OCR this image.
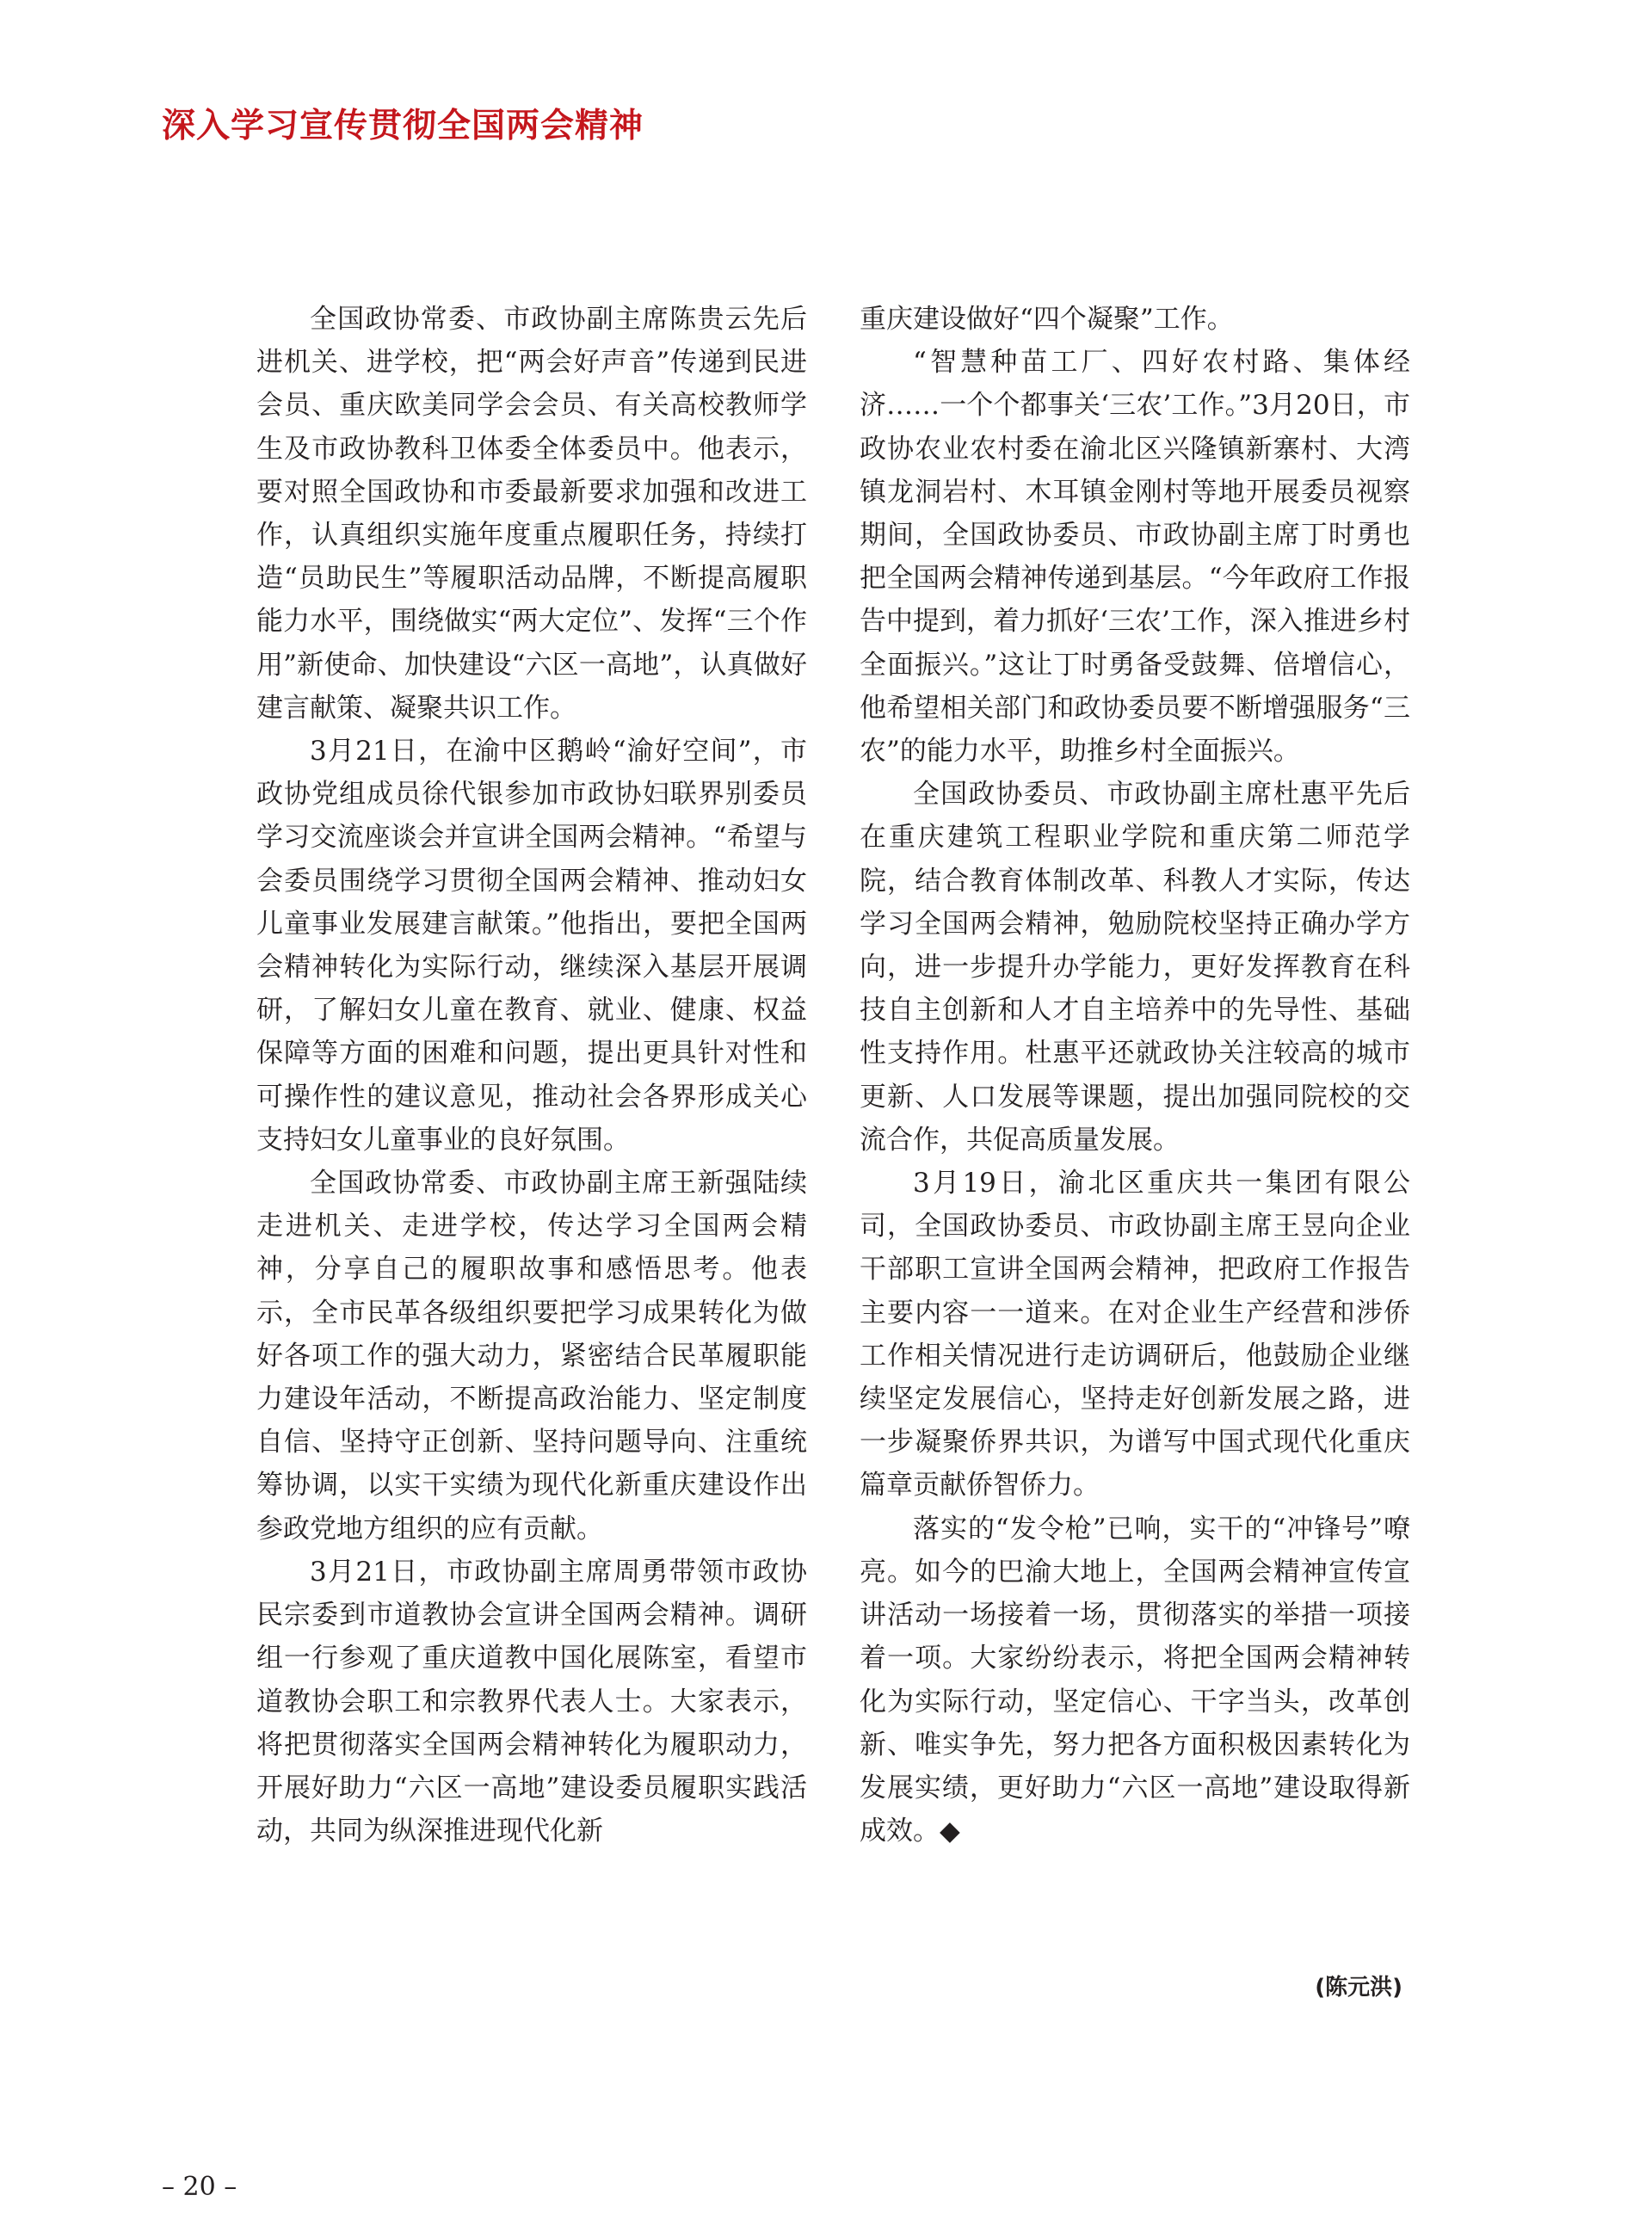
深入学习宣传贯彻全国两会精神

全国政协常委、市政协副主席陈贵云先后进机关、进学校，把“两会好声音”传递到民进会员、重庆欧美同学会会员、有关高校教师学生及市政协教科卫体委全体委员中。他表示，要对照全国政协和市委最新要求加强和改进工作，认真组织实施年度重点履职任务，持续打造“员助民生”等履职活动品牌，不断提高履职能力水平，围绕做实“两大定位”、发挥“三个作用”新使命、加快建设“六区一高地”，认真做好建言献策、凝聚共识工作。

3月21日，在渝中区鹅岭“渝好空间”，市政协党组成员徐代银参加市政协妇联界别委员学习交流座谈会并宣讲全国两会精神。“希望与会委员围绕学习贯彻全国两会精神、推动妇女儿童事业发展建言献策。”他指出，要把全国两会精神转化为实际行动，继续深入基层开展调研，了解妇女儿童在教育、就业、健康、权益保障等方面的困难和问题，提出更具针对性和可操作性的建议意见，推动社会各界形成关心支持妇女儿童事业的良好氛围。

全国政协常委、市政协副主席王新强陆续走进机关、走进学校，传达学习全国两会精神，分享自己的履职故事和感悟思考。他表示，全市民革各级组织要把学习成果转化为做好各项工作的强大动力，紧密结合民革履职能力建设年活动，不断提高政治能力、坚定制度自信、坚持守正创新、坚持问题导向、注重统筹协调，以实干实绩为现代化新重庆建设作出参政党地方组织的应有贡献。

3月21日，市政协副主席周勇带领市政协民宗委到市道教协会宣讲全国两会精神。调研组一行参观了重庆道教中国化展陈室，看望市道教协会职工和宗教界代表人士。大家表示，将把贯彻落实全国两会精神转化为履职动力，开展好助力“六区一高地”建设委员履职实践活动，共同为纵深推进现代化新

重庆建设做好“四个凝聚”工作。

“智慧种苗工厂、四好农村路、集体经济……一个个都事关‘三农’工作。”3月20日，市政协农业农村委在渝北区兴隆镇新寨村、大湾镇龙洞岩村、木耳镇金刚村等地开展委员视察期间，全国政协委员、市政协副主席丁时勇也把全国两会精神传递到基层。“今年政府工作报告中提到，着力抓好‘三农’工作，深入推进乡村全面振兴。”这让丁时勇备受鼓舞、倍增信心，他希望相关部门和政协委员要不断增强服务“三农”的能力水平，助推乡村全面振兴。

全国政协委员、市政协副主席杜惠平先后在重庆建筑工程职业学院和重庆第二师范学院，结合教育体制改革、科教人才实际，传达学习全国两会精神，勉励院校坚持正确办学方向，进一步提升办学能力，更好发挥教育在科技自主创新和人才自主培养中的先导性、基础性支持作用。杜惠平还就政协关注较高的城市更新、人口发展等课题，提出加强同院校的交流合作，共促高质量发展。

3月19日，渝北区重庆共一集团有限公司，全国政协委员、市政协副主席王昱向企业干部职工宣讲全国两会精神，把政府工作报告主要内容一一道来。在对企业生产经营和涉侨工作相关情况进行走访调研后，他鼓励企业继续坚定发展信心，坚持走好创新发展之路，进一步凝聚侨界共识，为谱写中国式现代化重庆篇章贡献侨智侨力。

落实的“发令枪”已响，实干的“冲锋号”嘹亮。如今的巴渝大地上，全国两会精神宣传宣讲活动一场接着一场，贯彻落实的举措一项接着一项。大家纷纷表示，将把全国两会精神转化为实际行动，坚定信心、干字当头，改革创新、唯实争先，努力把各方面积极因素转化为发展实绩，更好助力“六区一高地”建设取得新成效。◆

(陈元洪)

– 20 –
